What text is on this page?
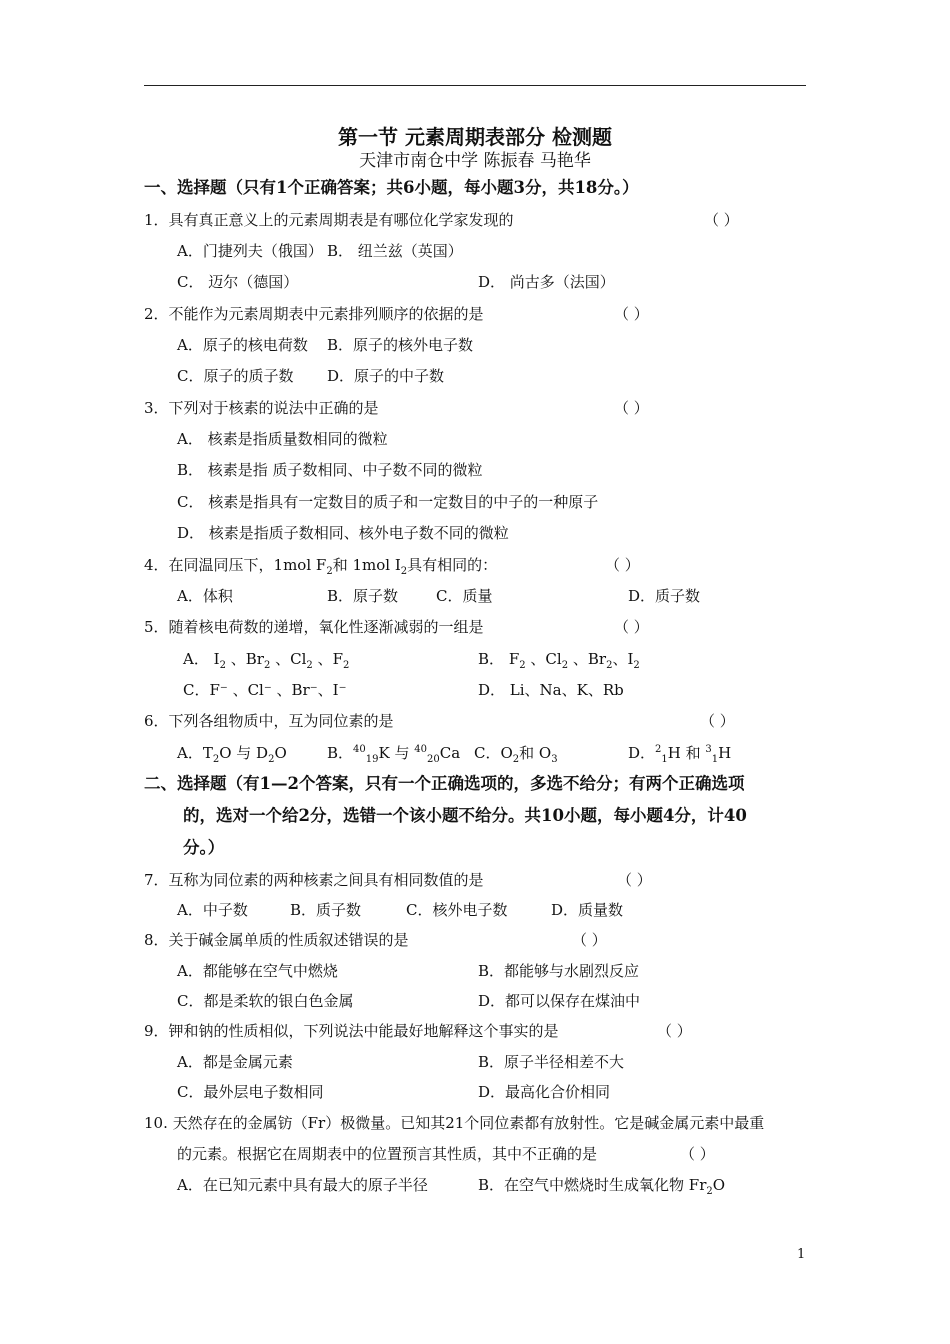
第一节 元素周期表部分 检测题
天津市南仓中学 陈振春 马艳华
一、选择题（只有1个正确答案；共6小题，每小题3分，共18分。）
1．具有真正意义上的元素周期表是有哪位化学家发现的	（ ）
A．门捷列夫（俄国） B． 纽兰兹（英国）
C． 迈尔（德国）	D． 尚古多（法国）
2．不能作为元素周期表中元素排列顺序的依据的是	（ ）
A．原子的核电荷数 B．原子的核外电子数
C．原子的质子数 D．原子的中子数
3．下列对于核素的说法中正确的是	（ ）
A． 核素是指质量数相同的微粒
B． 核素是指 质子数相同、中子数不同的微粒
C． 核素是指具有一定数目的质子和一定数目的中子的一种原子
D． 核素是指质子数相同、核外电子数不同的微粒
4．在同温同压下，1mol $F_2$和 1mol $I_2$具有相同的：	（ ）
A．体积	B．原子数	C．质量	D．质子数
5．随着核电荷数的递增，氧化性逐渐减弱的一组是	（ ）
A． $I_2$ 、$Br_2$ 、$Cl_2$ 、$F_2$	B． $F_2$ 、$Cl_2$ 、$Br_2$、$I_2$
C．F⁻ 、Cl⁻ 、Br⁻、I⁻	D． Li、Na、K、Rb
6．下列各组物质中，互为同位素的是	（ ）
A．$T_2O$ 与 $D_2O$	B．$^{40}_{19}$K 与 $^{40}_{20}$Ca C．$O_2$和 $O_3$	D．$^2_1$H 和 $^3_1$H
二、选择题（有1—2个答案，只有一个正确选项的，多选不给分；有两个正确选项
的，选对一个给2分，选错一个该小题不给分。共10小题，每小题4分，计40
分。）
7．互称为同位素的两种核素之间具有相同数值的是	（ ）
A．中子数	B．质子数	C．核外电子数	D．质量数
8．关于碱金属单质的性质叙述错误的是	（ ）
A．都能够在空气中燃烧	B．都能够与水剧烈反应
C．都是柔软的银白色金属	D．都可以保存在煤油中
9．钾和钠的性质相似，下列说法中能最好地解释这个事实的是	（ ）
A．都是金属元素	B．原子半径相差不大
C．最外层电子数相同	D．最高化合价相同
10. 天然存在的金属钫（Fr）极微量。已知其21个同位素都有放射性。它是碱金属元素中最重
的元素。根据它在周期表中的位置预言其性质，其中不正确的是	（ ）
A．在已知元素中具有最大的原子半径	B．在空气中燃烧时生成氧化物 $Fr_2O$
1
